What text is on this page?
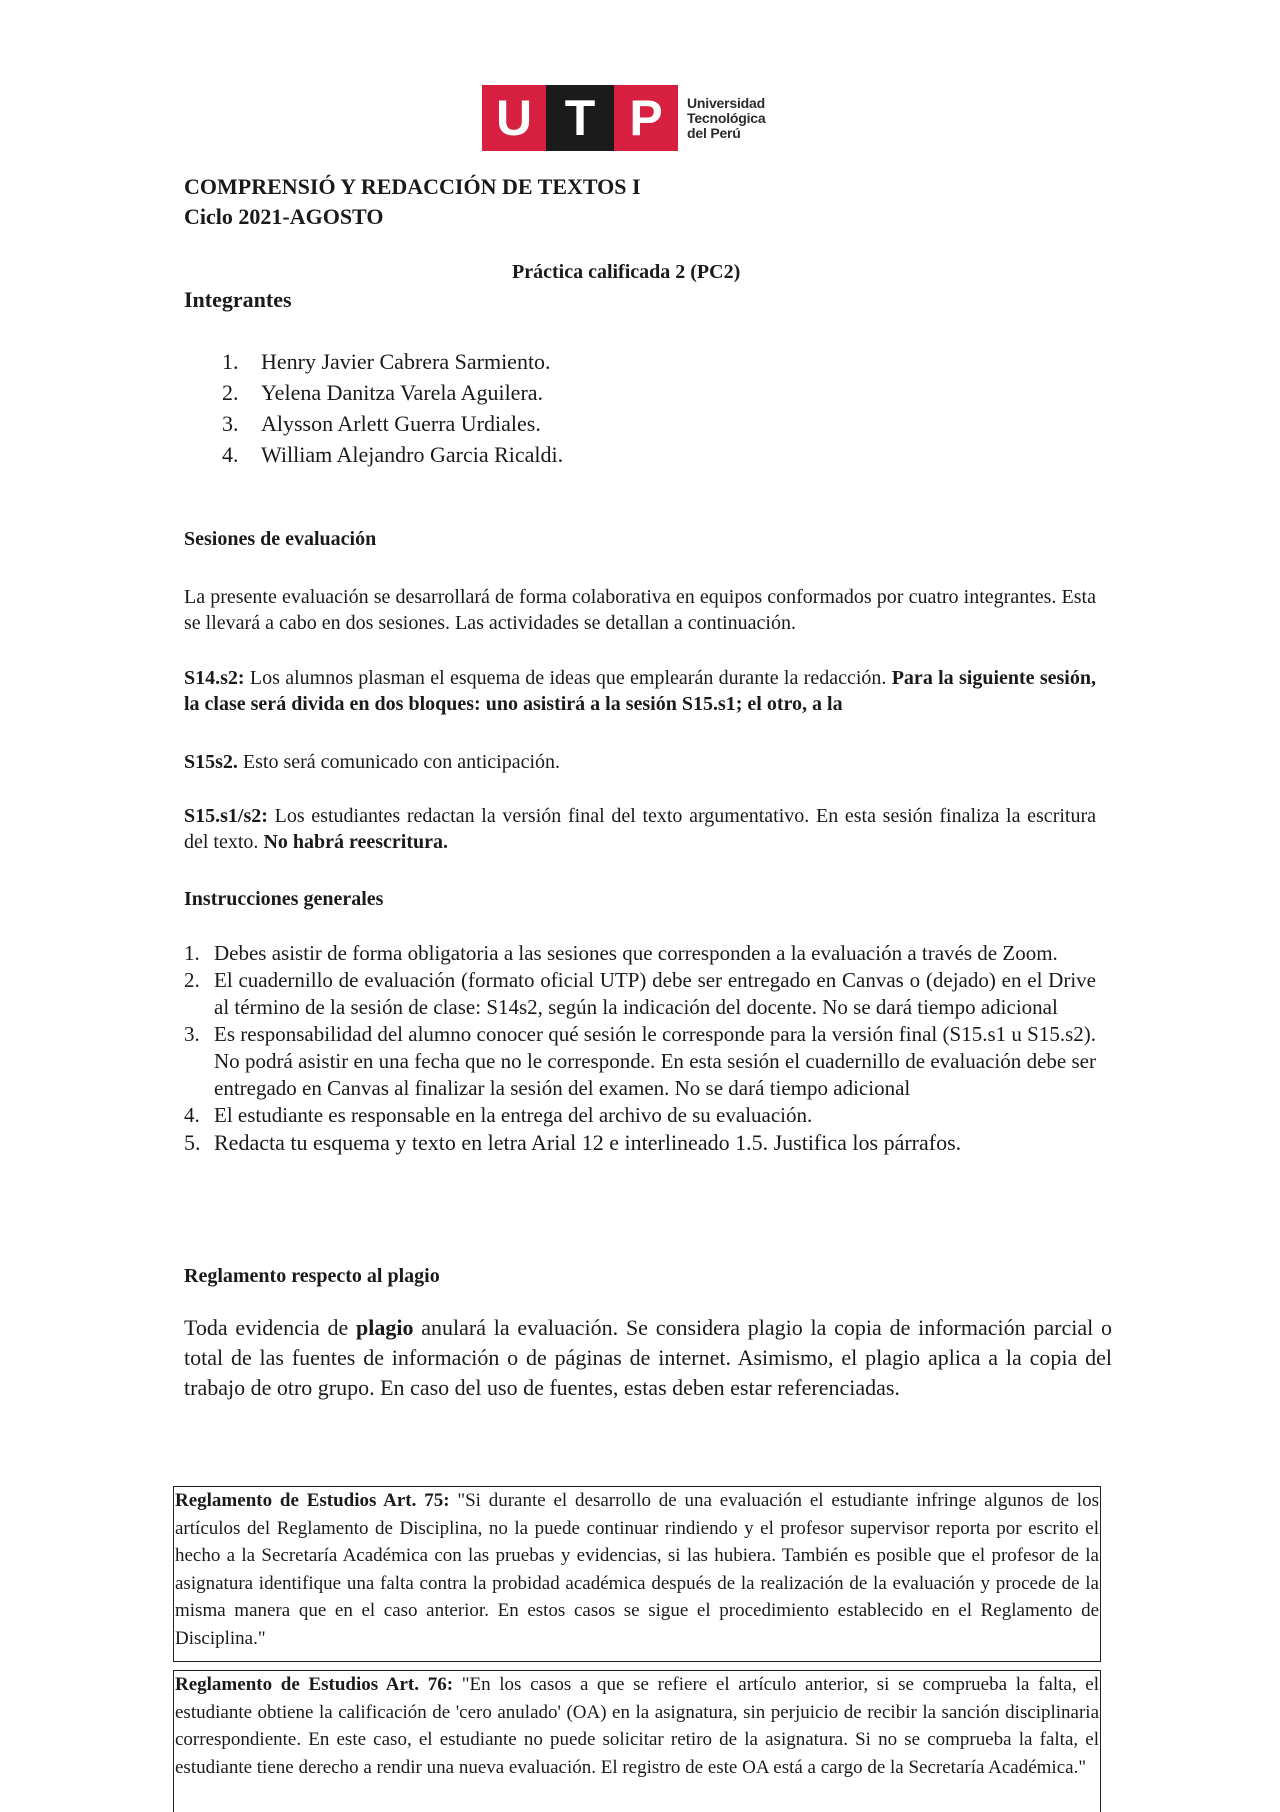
U T P	Universidad
Tecnológica
del Perú
COMPRENSIÓ Y REDACCIÓN DE TEXTOS I
Ciclo 2021-AGOSTO
Práctica calificada 2 (PC2)
Integrantes
1. Henry Javier Cabrera Sarmiento.
2. Yelena Danitza Varela Aguilera.
3. Alysson Arlett Guerra Urdiales.
4. William Alejandro Garcia Ricaldi.
Sesiones de evaluación
La presente evaluación se desarrollará de forma colaborativa en equipos conformados por cuatro integrantes. Esta se llevará a cabo en dos sesiones. Las actividades se detallan a continuación.
S14.s2: Los alumnos plasman el esquema de ideas que emplearán durante la redacción. Para la siguiente sesión, la clase será divida en dos bloques: uno asistirá a la sesión S15.s1; el otro, a la
S15s2. Esto será comunicado con anticipación.
S15.s1/s2: Los estudiantes redactan la versión final del texto argumentativo. En esta sesión finaliza la escritura del texto. No habrá reescritura.
Instrucciones generales
1. Debes asistir de forma obligatoria a las sesiones que corresponden a la evaluación a través de Zoom.
2. El cuadernillo de evaluación (formato oficial UTP) debe ser entregado en Canvas o (dejado) en el Drive al término de la sesión de clase: S14s2, según la indicación del docente. No se dará tiempo adicional
3. Es responsabilidad del alumno conocer qué sesión le corresponde para la versión final (S15.s1 u S15.s2). No podrá asistir en una fecha que no le corresponde. En esta sesión el cuadernillo de evaluación debe ser entregado en Canvas al finalizar la sesión del examen. No se dará tiempo adicional
4. El estudiante es responsable en la entrega del archivo de su evaluación.
5. Redacta tu esquema y texto en letra Arial 12 e interlineado 1.5. Justifica los párrafos.
Reglamento respecto al plagio
Toda evidencia de plagio anulará la evaluación. Se considera plagio la copia de información parcial o total de las fuentes de información o de páginas de internet. Asimismo, el plagio aplica a la copia del trabajo de otro grupo. En caso del uso de fuentes, estas deben estar referenciadas.
Reglamento de Estudios Art. 75: "Si durante el desarrollo de una evaluación el estudiante infringe algunos de los artículos del Reglamento de Disciplina, no la puede continuar rindiendo y el profesor supervisor reporta por escrito el hecho a la Secretaría Académica con las pruebas y evidencias, si las hubiera. También es posible que el profesor de la asignatura identifique una falta contra la probidad académica después de la realización de la evaluación y procede de la misma manera que en el caso anterior. En estos casos se sigue el procedimiento establecido en el Reglamento de Disciplina."
Reglamento de Estudios Art. 76: "En los casos a que se refiere el artículo anterior, si se comprueba la falta, el estudiante obtiene la calificación de 'cero anulado' (OA) en la asignatura, sin perjuicio de recibir la sanción disciplinaria correspondiente. En este caso, el estudiante no puede solicitar retiro de la asignatura. Si no se comprueba la falta, el estudiante tiene derecho a rendir una nueva evaluación. El registro de este OA está a cargo de la Secretaría Académica."
